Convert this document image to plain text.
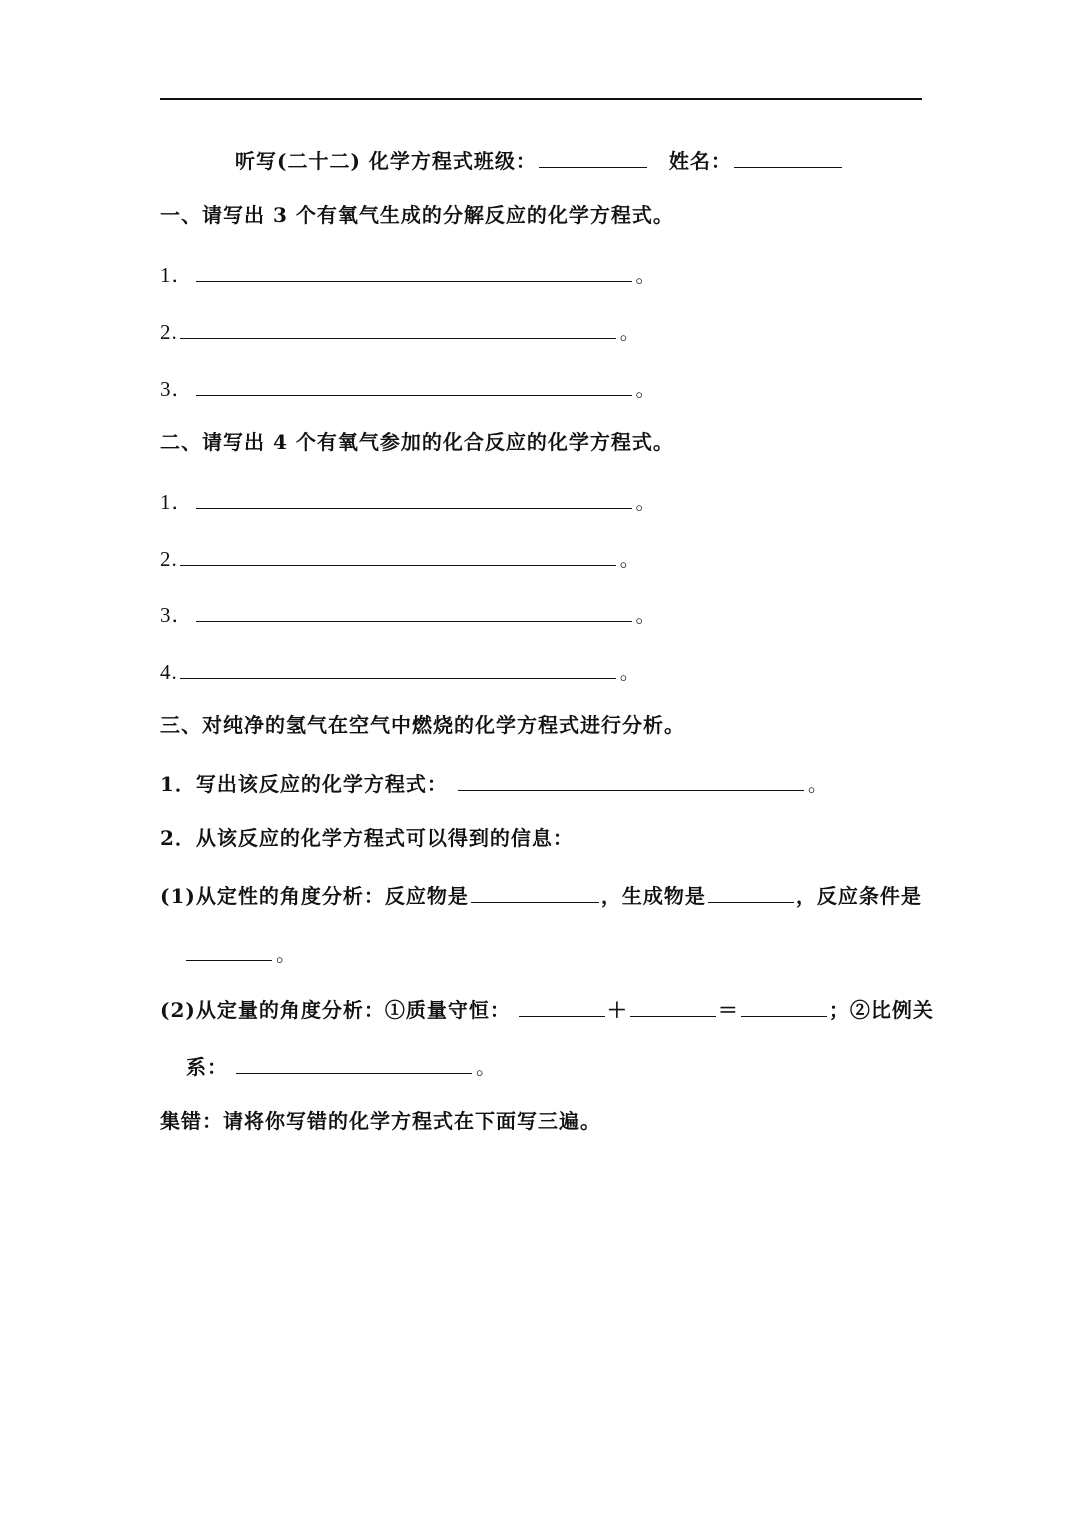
听写(二十二) 化学方程式班级：	姓名：
一、请写出 3 个有氧气生成的分解反应的化学方程式。
1．	。
2.	。
3．	。
二、请写出 4 个有氧气参加的化合反应的化学方程式。
1．	。
2.	。
3．	。
4.	。
三、对纯净的氢气在空气中燃烧的化学方程式进行分析。
1．写出该反应的化学方程式：	。
2．从该反应的化学方程式可以得到的信息：
(1)从定性的角度分析：反应物是	，生成物是	，反应条件是
。
(2)从定量的角度分析：①质量守恒：	＋	＝	；②比例关
系：	。
集错：请将你写错的化学方程式在下面写三遍。
